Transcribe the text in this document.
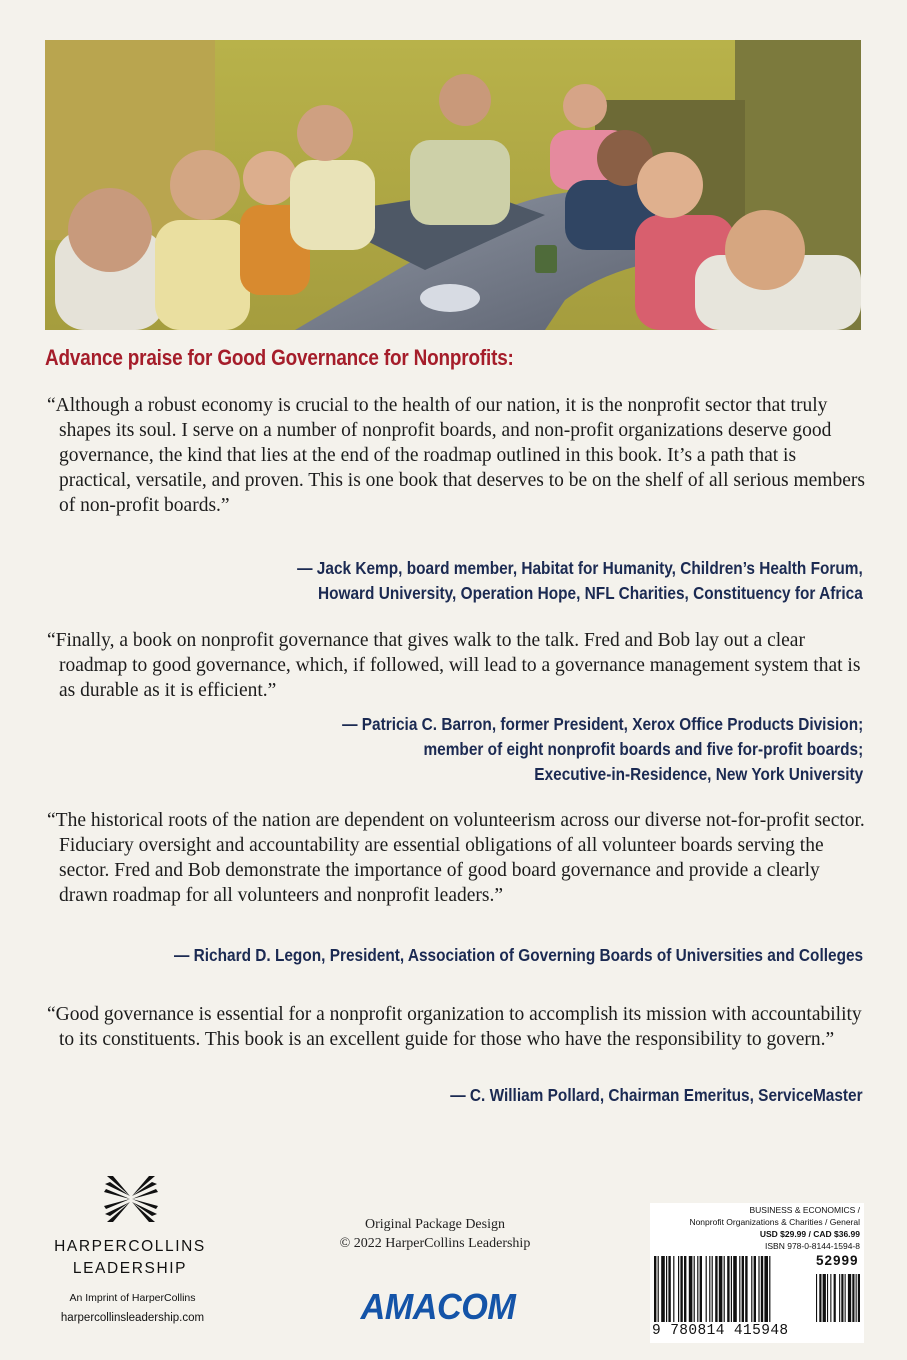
Advance praise for Good Governance for Nonprofits:

“Although a robust economy is crucial to the health of our nation, it is the nonprofit sector that truly shapes its soul. I serve on a number of nonprofit boards, and non-profit organizations deserve good governance, the kind that lies at the end of the roadmap outlined in this book. It’s a path that is practical, versatile, and proven. This is one book that deserves to be on the shelf of all serious members of non-profit boards.”

— Jack Kemp, board member, Habitat for Humanity, Children’s Health Forum,
Howard University, Operation Hope, NFL Charities, Constituency for Africa

“Finally, a book on nonprofit governance that gives walk to the talk. Fred and Bob lay out a clear roadmap to good governance, which, if followed, will lead to a governance management system that is as durable as it is efficient.”

— Patricia C. Barron, former President, Xerox Office Products Division;
member of eight nonprofit boards and five for-profit boards;
Executive-in-Residence, New York University

“The historical roots of the nation are dependent on volunteerism across our diverse not-for-profit sector. Fiduciary oversight and accountability are essential obligations of all volunteer boards serving the sector. Fred and Bob demonstrate the importance of good board governance and provide a clearly drawn roadmap for all volunteers and nonprofit leaders.”

— Richard D. Legon, President, Association of Governing Boards of Universities and Colleges

“Good governance is essential for a nonprofit organization to accomplish its mission with accountability to its constituents. This book is an excellent guide for those who have the responsibility to govern.”

— C. William Pollard, Chairman Emeritus, ServiceMaster
HARPERCOLLINS
LEADERSHIP
An Imprint of HarperCollins
harpercollinsleadership.com
Original Package Design
© 2022 HarperCollins Leadership
AMACOM
BUSINESS & ECONOMICS /
Nonprofit Organizations & Charities / General
USD $29.99 / CAD $36.99
ISBN 978-0-8144-1594-8
52999
9 780814 415948
